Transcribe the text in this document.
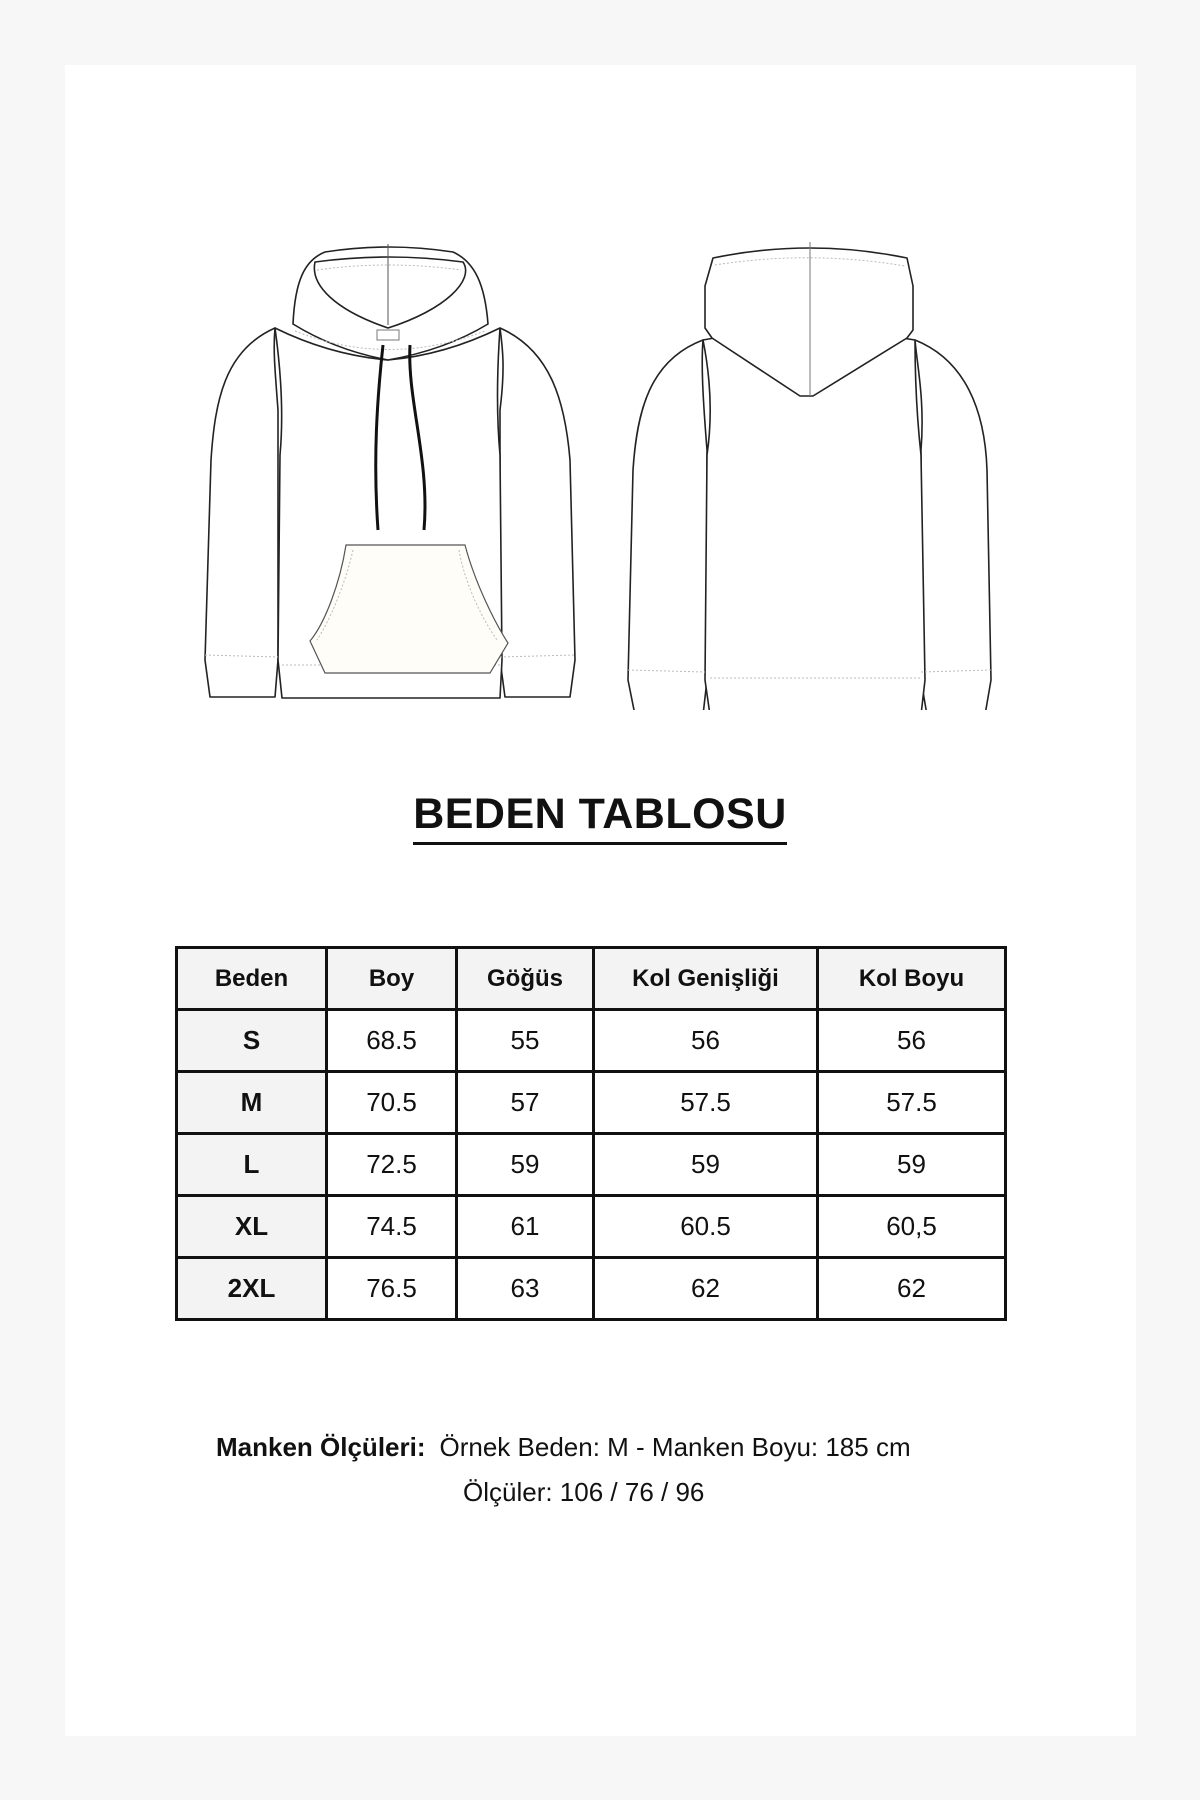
BEDEN TABLOSU
Beden	Boy	Göğüs	Kol Genişliği	Kol Boyu
S	68.5	55	56	56
M	70.5	57	57.5	57.5
L	72.5	59	59	59
XL	74.5	61	60.5	60,5
2XL	76.5	63	62	62
Manken Ölçüleri: Örnek Beden: M - Manken Boyu: 185 cm
Ölçüler: 106 / 76 / 96
